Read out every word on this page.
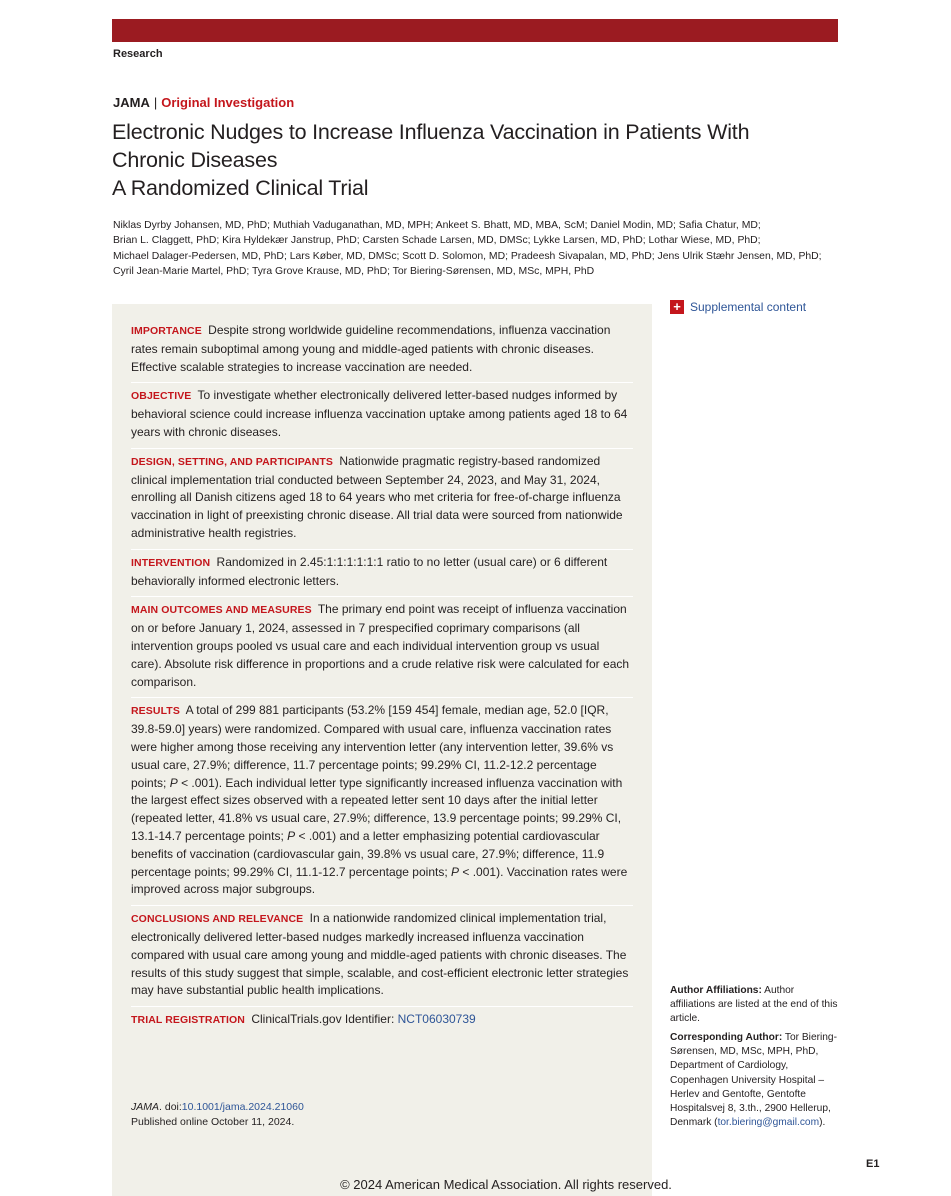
Research
JAMA | Original Investigation
Electronic Nudges to Increase Influenza Vaccination in Patients With Chronic Diseases
A Randomized Clinical Trial
Niklas Dyrby Johansen, MD, PhD; Muthiah Vaduganathan, MD, MPH; Ankeet S. Bhatt, MD, MBA, ScM; Daniel Modin, MD; Safia Chatur, MD;
Brian L. Claggett, PhD; Kira Hyldekær Janstrup, PhD; Carsten Schade Larsen, MD, DMSc; Lykke Larsen, MD, PhD; Lothar Wiese, MD, PhD;
Michael Dalager-Pedersen, MD, PhD; Lars Køber, MD, DMSc; Scott D. Solomon, MD; Pradeesh Sivapalan, MD, PhD; Jens Ulrik Stæhr Jensen, MD, PhD;
Cyril Jean-Marie Martel, PhD; Tyra Grove Krause, MD, PhD; Tor Biering-Sørensen, MD, MSc, MPH, PhD
IMPORTANCE Despite strong worldwide guideline recommendations, influenza vaccination rates remain suboptimal among young and middle-aged patients with chronic diseases. Effective scalable strategies to increase vaccination are needed.
OBJECTIVE To investigate whether electronically delivered letter-based nudges informed by behavioral science could increase influenza vaccination uptake among patients aged 18 to 64 years with chronic diseases.
DESIGN, SETTING, AND PARTICIPANTS Nationwide pragmatic registry-based randomized clinical implementation trial conducted between September 24, 2023, and May 31, 2024, enrolling all Danish citizens aged 18 to 64 years who met criteria for free-of-charge influenza vaccination in light of preexisting chronic disease. All trial data were sourced from nationwide administrative health registries.
INTERVENTION Randomized in 2.45:1:1:1:1:1:1 ratio to no letter (usual care) or 6 different behaviorally informed electronic letters.
MAIN OUTCOMES AND MEASURES The primary end point was receipt of influenza vaccination on or before January 1, 2024, assessed in 7 prespecified coprimary comparisons (all intervention groups pooled vs usual care and each individual intervention group vs usual care). Absolute risk difference in proportions and a crude relative risk were calculated for each comparison.
RESULTS A total of 299 881 participants (53.2% [159 454] female, median age, 52.0 [IQR, 39.8-59.0] years) were randomized. Compared with usual care, influenza vaccination rates were higher among those receiving any intervention letter (any intervention letter, 39.6% vs usual care, 27.9%; difference, 11.7 percentage points; 99.29% CI, 11.2-12.2 percentage points; P < .001). Each individual letter type significantly increased influenza vaccination with the largest effect sizes observed with a repeated letter sent 10 days after the initial letter (repeated letter, 41.8% vs usual care, 27.9%; difference, 13.9 percentage points; 99.29% CI, 13.1-14.7 percentage points; P < .001) and a letter emphasizing potential cardiovascular benefits of vaccination (cardiovascular gain, 39.8% vs usual care, 27.9%; difference, 11.9 percentage points; 99.29% CI, 11.1-12.7 percentage points; P < .001). Vaccination rates were improved across major subgroups.
CONCLUSIONS AND RELEVANCE In a nationwide randomized clinical implementation trial, electronically delivered letter-based nudges markedly increased influenza vaccination compared with usual care among young and middle-aged patients with chronic diseases. The results of this study suggest that simple, scalable, and cost-efficient electronic letter strategies may have substantial public health implications.
TRIAL REGISTRATION ClinicalTrials.gov Identifier: NCT06030739
JAMA. doi:10.1001/jama.2024.21060
Published online October 11, 2024.
© 2024 American Medical Association. All rights reserved.
+ Supplemental content
Author Affiliations: Author affiliations are listed at the end of this article.
Corresponding Author: Tor Biering-Sørensen, MD, MSc, MPH, PhD, Department of Cardiology, Copenhagen University Hospital – Herlev and Gentofte, Gentofte Hospitalsvej 8, 3.th., 2900 Hellerup, Denmark (tor.biering@gmail.com).
E1
